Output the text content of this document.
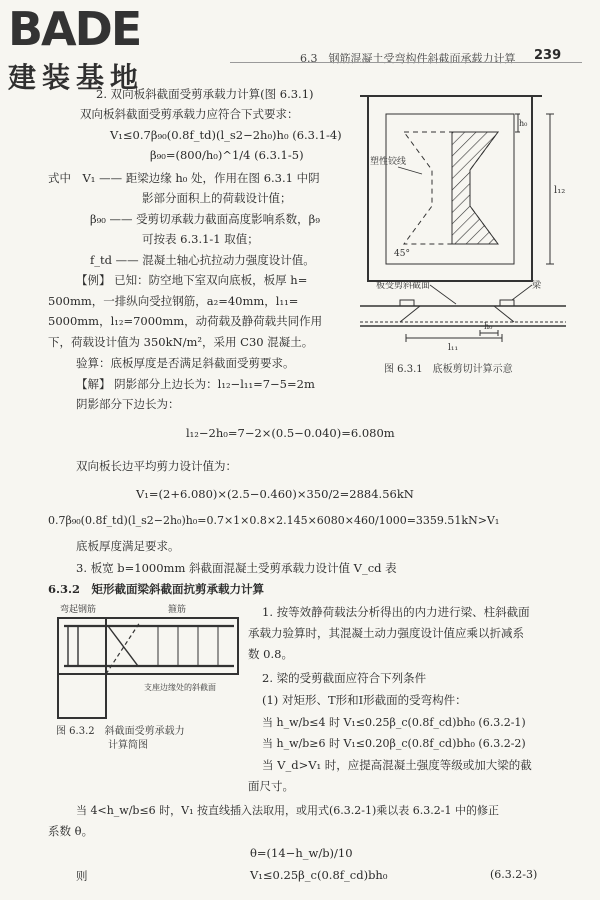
BADE
建装基地
6.3　钢筋混凝土受弯构件斜截面承载力计算 239
2. 双向板斜截面受剪承载力计算(图 6.3.1)
双向板斜截面受剪承载力应符合下式要求：
V₁≤0.7β₉₀(0.8f_td)(l_s2−2h₀)h₀ (6.3.1-4)
β₉₀=(800/h₀)^1/4 (6.3.1-5)
式中　V₁ —— 距梁边缘 h₀ 处，作用在图 6.3.1 中阴
影部分面积上的荷载设计值；
β₉₀ —— 受剪切承载力截面高度影响系数，β₉
可按表 6.3.1-1 取值；
f_td —— 混凝土轴心抗拉动力强度设计值。
【例】 已知：防空地下室双向底板，板厚 h=
500mm，一排纵向受拉钢筋，a₂=40mm，l₁₁=
5000mm，l₁₂=7000mm，动荷载及静荷载共同作用
下，荷载设计值为 350kN/m²，采用 C30 混凝土。
验算：底板厚度是否满足斜截面受剪要求。
【解】 阴影部分上边长为：l₁₂−l₁₁=7−5=2m
阴影部分下边长为：
l₁₂−2h₀=7−2×(0.5−0.040)=6.080m
双向板长边平均剪力设计值为：
V₁=(2+6.080)×(2.5−0.460)×350/2=2884.56kN
0.7β₉₀(0.8f_td)(l_s2−2h₀)h₀=0.7×1×0.8×2.145×6080×460/1000=3359.51kN>V₁
底板厚度满足要求。
3. 板宽 b=1000mm 斜截面混凝土受剪承载力设计值 V_cd 表
6.3.2　矩形截面梁斜截面抗剪承载力计算
1. 按等效静荷载法分析得出的内力进行梁、柱斜截面
承载力验算时，其混凝土动力强度设计值应乘以折减系
数 0.8。
2. 梁的受剪截面应符合下列条件
(1) 对矩形、T形和I形截面的受弯构件：
当 h_w/b≤4 时 V₁≤0.25β_c(0.8f_cd)bh₀ (6.3.2-1)
当 h_w/b≥6 时 V₁≤0.20β_c(0.8f_cd)bh₀ (6.3.2-2)
当 V_d>V₁ 时，应提高混凝土强度等级或加大梁的截
面尺寸。
当 4<h_w/b≤6 时，V₁ 按直线插入法取用，或用式(6.3.2-1)乘以表 6.3.2-1 中的修正
系数 θ。
θ=(14−h_w/b)/10
则	V₁≤0.25β_c(0.8f_cd)bh₀	(6.3.2-3)
塑性铰线
45°
l₁₂
h₀
板受剪斜截面	梁
l₁₁
h₀
图 6.3.1　底板剪切计算示意
弯起钢筋	箍筋
支座边缘处的斜截面
图 6.3.2　斜截面受剪承载力
计算简图
